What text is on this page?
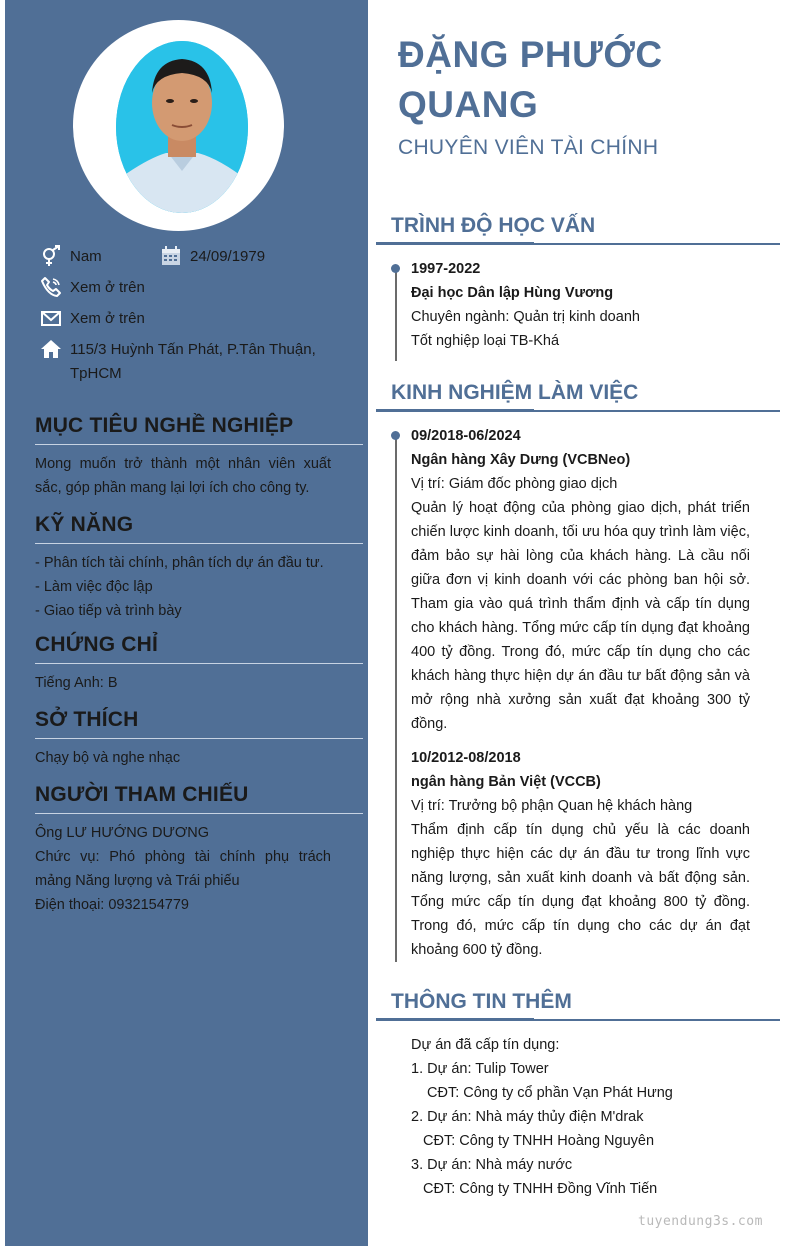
Nam	24/09/1979
Xem ở trên
Xem ở trên
115/3 Huỳnh Tấn Phát, P.Tân Thuận,
TpHCM
MỤC TIÊU NGHỀ NGHIỆP
Mong muốn trở thành một nhân viên xuất sắc, góp phần mang lại lợi ích cho công ty.
KỸ NĂNG

- Phân tích tài chính, phân tích dự án đầu tư.

- Làm việc độc lập

- Giao tiếp và trình bày

CHỨNG CHỈ
Tiếng Anh: B
SỞ THÍCH
Chạy bộ và nghe nhạc
NGƯỜI THAM CHIẾU

Ông LƯ HƯỚNG DƯƠNG

Chức vụ: Phó phòng tài chính phụ trách mảng Năng lượng và Trái phiếu

Điện thoại: 0932154779

ĐẶNG PHƯỚC
QUANG
CHUYÊN VIÊN TÀI CHÍNH
TRÌNH ĐỘ HỌC VẤN
1997-2022
Đại học Dân lập Hùng Vương
Chuyên ngành: Quản trị kinh doanh
Tốt nghiệp loại TB-Khá
KINH NGHIỆM LÀM VIỆC
09/2018-06/2024
Ngân hàng Xây Dưng (VCBNeo)
Vị trí: Giám đốc phòng giao dịch
Quản lý hoạt động của phòng giao dịch, phát triển chiến lược kinh doanh, tối ưu hóa quy trình làm việc, đảm bảo sự hài lòng của khách hàng. Là cầu nối giữa đơn vị kinh doanh với các phòng ban hội sở. Tham gia vào quá trình thẩm định và cấp tín dụng cho khách hàng. Tổng mức cấp tín dụng đạt khoảng 400 tỷ đồng. Trong đó, mức cấp tín dụng cho các khách hàng thực hiện dự án đầu tư bất động sản và mở rộng nhà xưởng sản xuất đạt khoảng 300 tỷ đồng.
10/2012-08/2018
ngân hàng Bản Việt (VCCB)
Vị trí: Trưởng bộ phận Quan hệ khách hàng
Thẩm định cấp tín dụng chủ yếu là các doanh nghiệp thực hiện các dự án đầu tư trong lĩnh vực năng lượng, sản xuất kinh doanh và bất động sản. Tổng mức cấp tín dụng đạt khoảng 800 tỷ đồng. Trong đó, mức cấp tín dụng cho các dự án đạt khoảng 600 tỷ đồng.
THÔNG TIN THÊM
Dự án đã cấp tín dụng:
1. Dự án: Tulip Tower
CĐT: Công ty cổ phần Vạn Phát Hưng
2. Dự án: Nhà máy thủy điện M'drak
CĐT: Công ty TNHH Hoàng Nguyên
3. Dự án: Nhà máy nước
CĐT: Công ty TNHH Đồng Vĩnh Tiến
tuyendung3s.com
